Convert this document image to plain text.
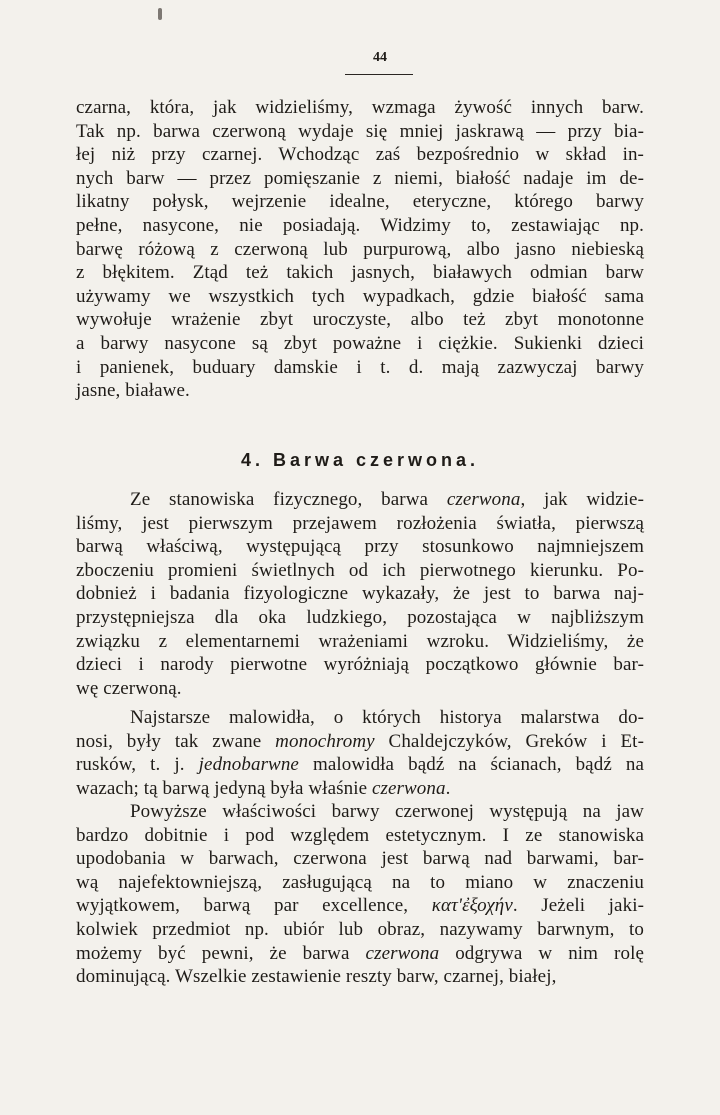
44
czarna, która, jak widzieliśmy, wzmaga żywość innych barw.
Tak np. barwa czerwoną wydaje się mniej jaskrawą — przy bia-
łej niż przy czarnej. Wchodząc zaś bezpośrednio w skład in-
nych barw — przez pomięszanie z niemi, białość nadaje im de-
likatny połysk, wejrzenie idealne, eteryczne, którego barwy
pełne, nasycone, nie posiadają. Widzimy to, zestawiając np.
barwę różową z czerwoną lub purpurową, albo jasno niebieską
z błękitem. Ztąd też takich jasnych, białawych odmian barw
używamy we wszystkich tych wypadkach, gdzie białość sama
wywołuje wrażenie zbyt uroczyste, albo też zbyt monotonne
a barwy nasycone są zbyt poważne i ciężkie. Sukienki dzieci
i panienek, buduary damskie i t. d. mają zazwyczaj barwy
jasne, białawe.
4. Barwa czerwona.
Ze stanowiska fizycznego, barwa czerwona, jak widzie-
liśmy, jest pierwszym przejawem rozłożenia światła, pierwszą
barwą właściwą, występującą przy stosunkowo najmniejszem
zboczeniu promieni świetlnych od ich pierwotnego kierunku. Po-
dobnież i badania fizyologiczne wykazały, że jest to barwa naj-
przystępniejsza dla oka ludzkiego, pozostająca w najbliższym
związku z elementarnemi wrażeniami wzroku. Widzieliśmy, że
dzieci i narody pierwotne wyróżniają początkowo głównie bar-
wę czerwoną.
Najstarsze malowidła, o których historya malarstwa do-
nosi, były tak zwane monochromy Chaldejczyków, Greków i Et-
rusków, t. j. jednobarwne malowidła bądź na ścianach, bądź na
wazach; tą barwą jedyną była właśnie czerwona.
Powyższe właściwości barwy czerwonej występują na jaw
bardzo dobitnie i pod względem estetycznym. I ze stanowiska
upodobania w barwach, czerwona jest barwą nad barwami, bar-
wą najefektowniejszą, zasługującą na to miano w znaczeniu
wyjątkowem, barwą par excellence, κατ'ἐξοχήν. Jeżeli jaki-
kolwiek przedmiot np. ubiór lub obraz, nazywamy barwnym, to
możemy być pewni, że barwa czerwona odgrywa w nim rolę
dominującą. Wszelkie zestawienie reszty barw, czarnej, białej,
